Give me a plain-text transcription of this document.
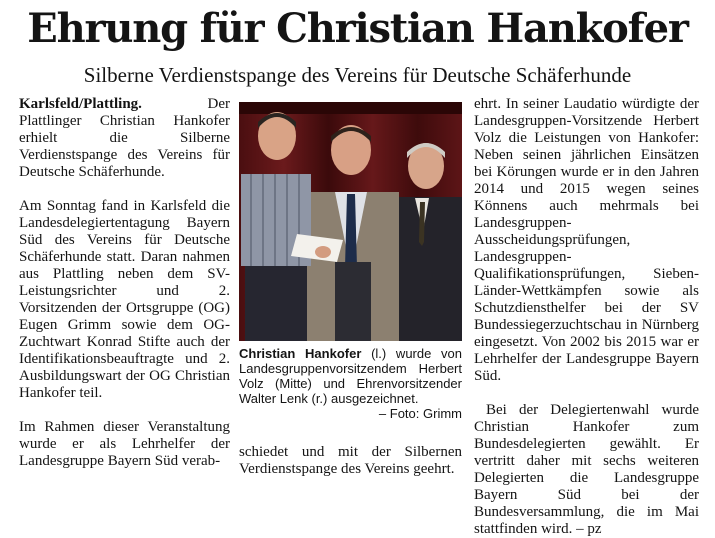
Ehrung für Christian Hankofer
Silberne Verdienstspange des Vereins für Deutsche Schäferhunde

Karlsfeld/Plattling. Der Plattlinger Christian Hankofer erhielt die Silberne Verdienstspange des Vereins für Deutsche Schäferhunde.

Am Sonntag fand in Karlsfeld die Landesdelegiertentagung Bayern Süd des Vereins für Deutsche Schäferhunde statt. Daran nahmen aus Plattling neben dem SV-Leistungsrichter und 2. Vorsitzenden der Ortsgruppe (OG) Eugen Grimm sowie dem OG-Zuchtwart Konrad Stifte auch der Identifikationsbeauftragte und 2. Ausbildungswart der OG Christian Hankofer teil.

Im Rahmen dieser Veranstaltung wurde er als Lehrhelfer der Landesgruppe Bayern Süd verab-

Christian Hankofer (l.) wurde von Landesgruppenvorsitzendem Herbert Volz (Mitte) und Ehrenvorsitzender Walter Lenk (r.) ausgezeichnet.
– Foto: Grimm
schiedet und mit der Silbernen Verdienstspange des Vereins geehrt.

ehrt. In seiner Laudatio würdigte der Landesgruppen-Vorsitzende Herbert Volz die Leistungen von Hankofer: Neben seinen jährlichen Einsätzen bei Körungen wurde er in den Jahren 2014 und 2015 wegen seines Könnens auch mehrmals bei Landesgruppen-Ausscheidungsprüfungen, Landesgruppen-Qualifikationsprüfungen, Sieben-Länder-Wettkämpfen sowie als Schutzdiensthelfer bei der SV Bundessiegerzuchtschau in Nürnberg eingesetzt. Von 2002 bis 2015 war er Lehrhelfer der Landesgruppe Bayern Süd.

Bei der Delegiertenwahl wurde Christian Hankofer zum Bundesdelegierten gewählt. Er vertritt daher mit sechs weiteren Delegierten die Landesgruppe Bayern Süd bei der Bundesversammlung, die im Mai stattfinden wird. – pz
